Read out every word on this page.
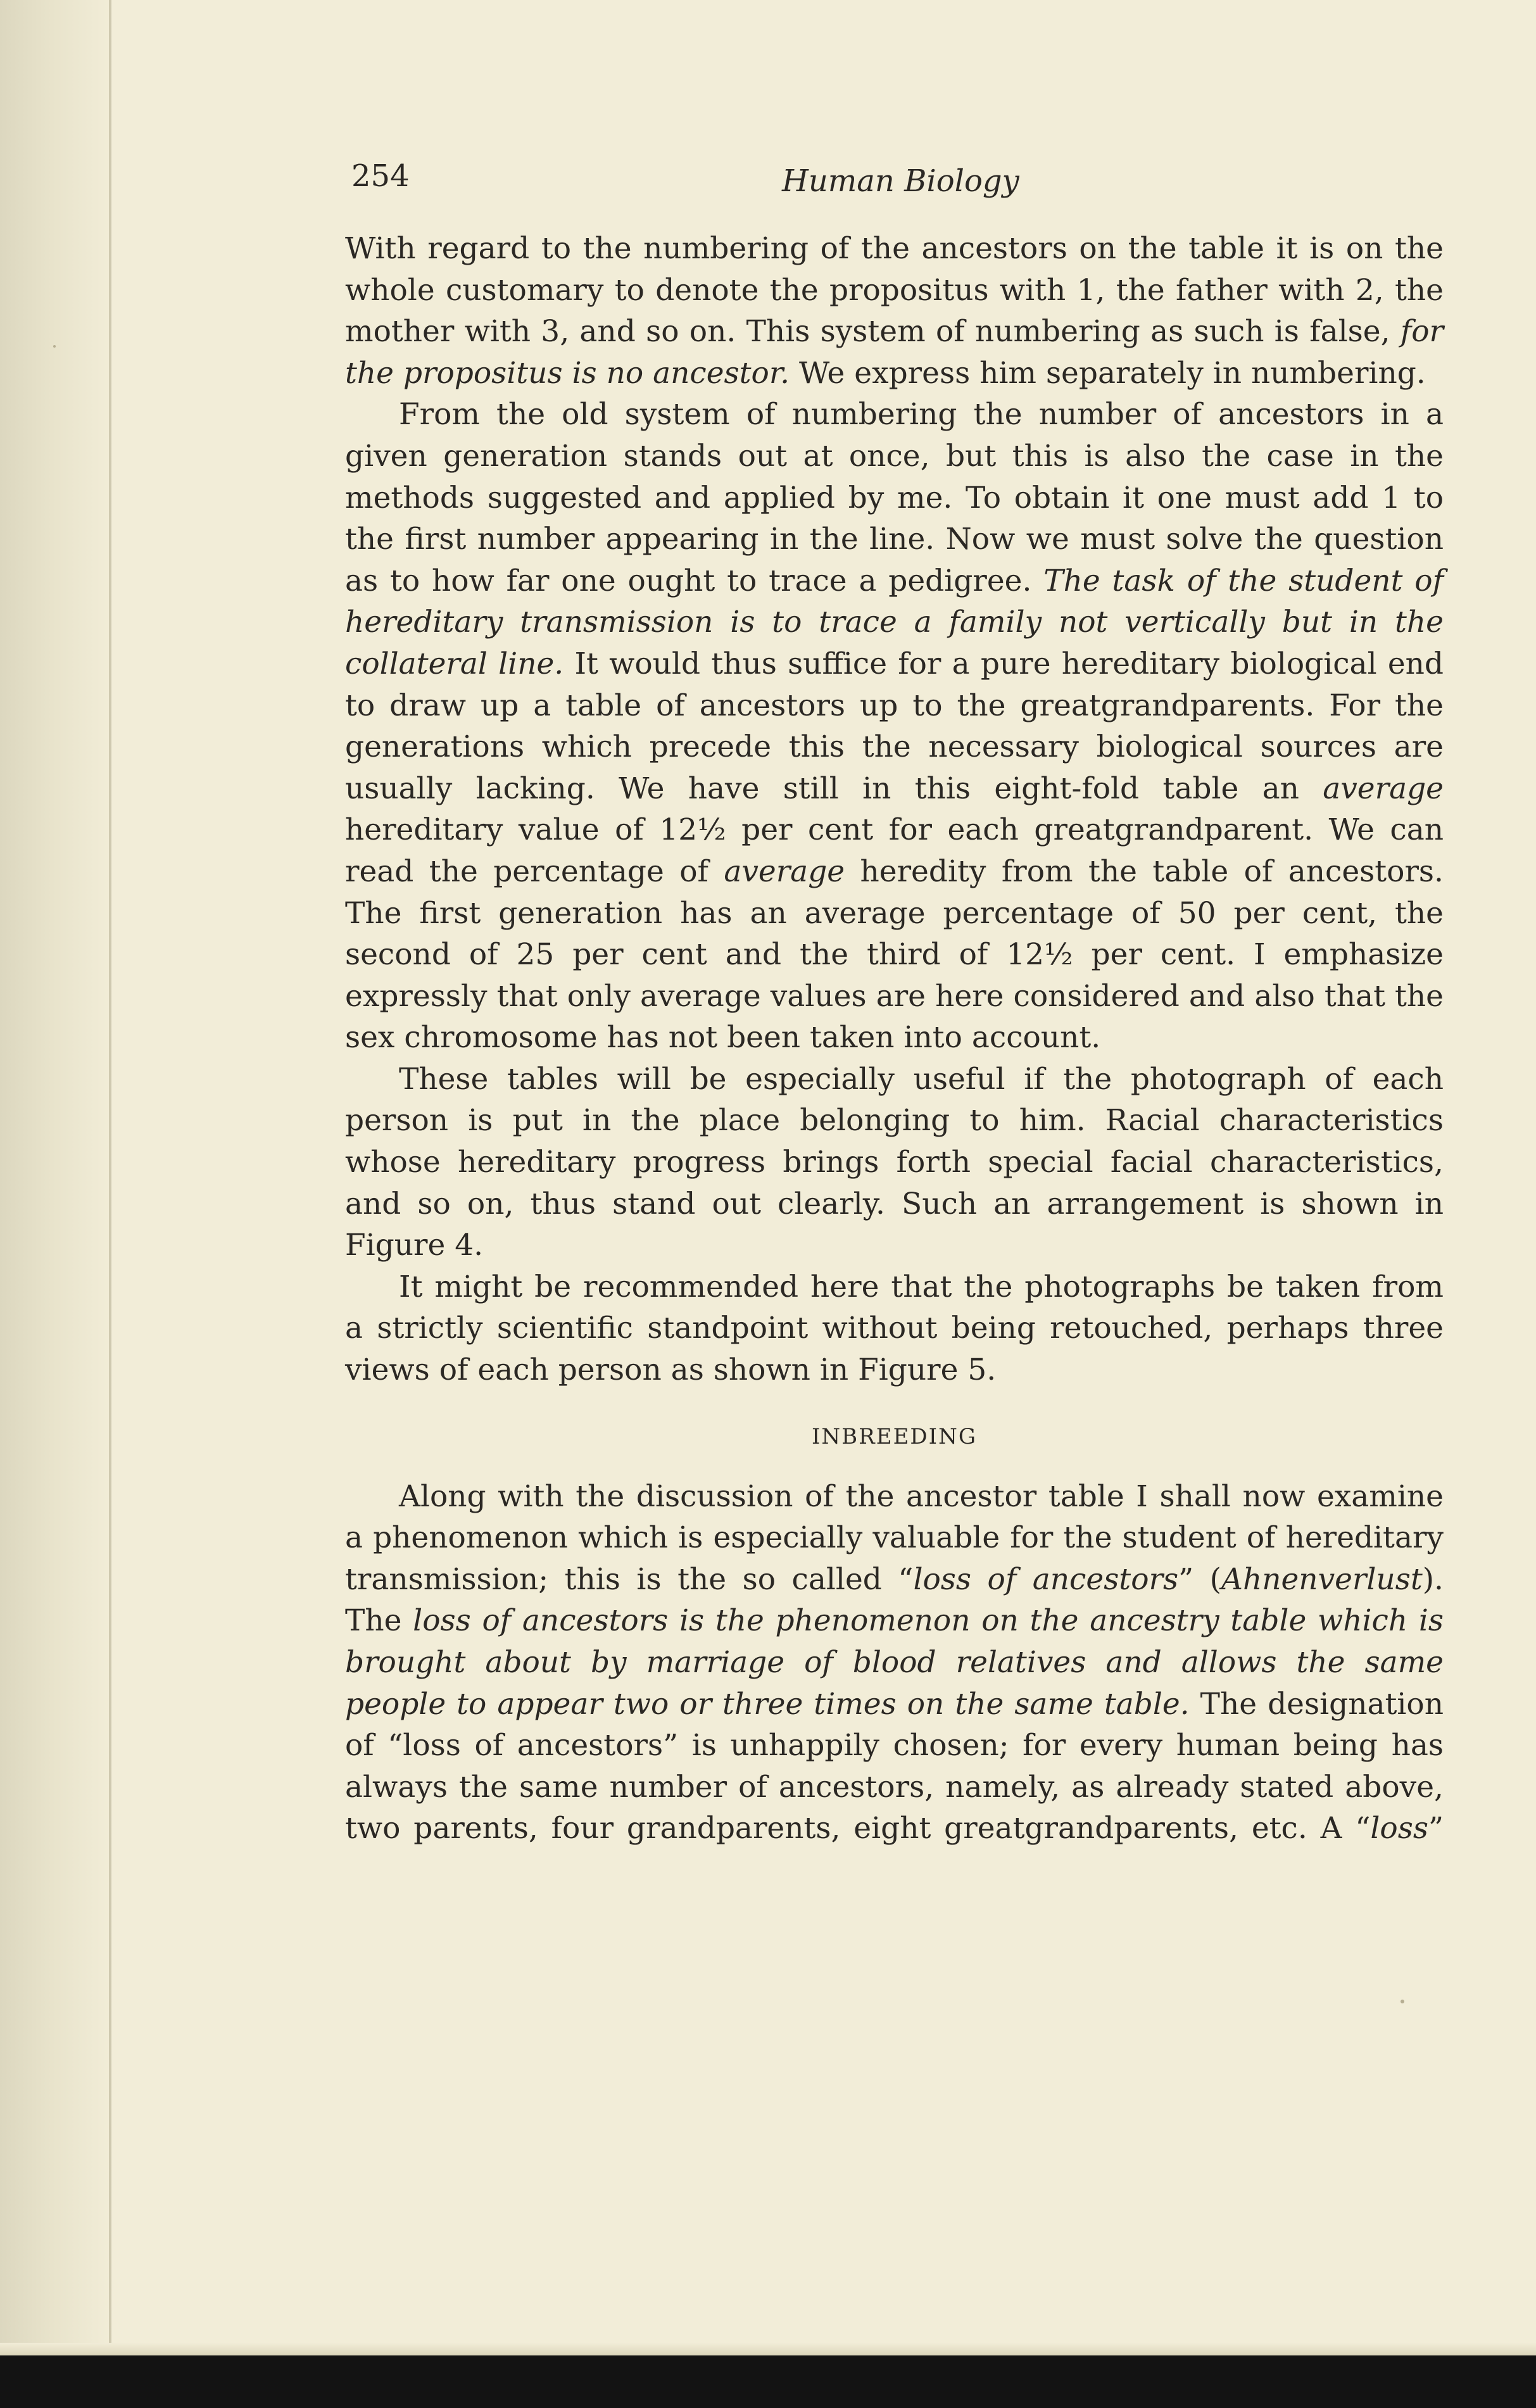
254	Human Biology

With regard to the numbering of the ancestors on the table it is on the whole customary to denote the propositus with 1, the father with 2, the mother with 3, and so on. This system of numbering as such is false, for the propositus is no ancestor. We express him separately in numbering.

From the old system of numbering the number of ancestors in a given generation stands out at once, but this is also the case in the methods suggested and applied by me. To obtain it one must add 1 to the first number appearing in the line. Now we must solve the question as to how far one ought to trace a pedigree. The task of the student of hereditary transmission is to trace a family not vertically but in the collateral line. It would thus suffice for a pure hereditary biological end to draw up a table of ancestors up to the greatgrandparents. For the generations which precede this the necessary biological sources are usually lacking. We have still in this eight-fold table an average hereditary value of 12½ per cent for each greatgrandparent. We can read the percentage of average heredity from the table of ancestors. The first generation has an average percentage of 50 per cent, the second of 25 per cent and the third of 12½ per cent. I emphasize expressly that only average values are here considered and also that the sex chromosome has not been taken into account.

These tables will be especially useful if the photograph of each person is put in the place belonging to him. Racial characteristics whose hereditary progress brings forth special facial characteristics, and so on, thus stand out clearly. Such an arrangement is shown in Figure 4.

It might be recommended here that the photographs be taken from a strictly scientific standpoint without being retouched, perhaps three views of each person as shown in Figure 5.

INBREEDING

Along with the discussion of the ancestor table I shall now examine a phenomenon which is especially valuable for the student of hereditary transmission; this is the so called “loss of ancestors” (Ahnenverlust). The loss of ancestors is the phenomenon on the ancestry table which is brought about by marriage of blood relatives and allows the same people to appear two or three times on the same table. The designation of “loss of ancestors” is unhappily chosen; for every human being has always the same number of ancestors, namely, as already stated above, two parents, four grandparents, eight greatgrandparents, etc. A “loss”
